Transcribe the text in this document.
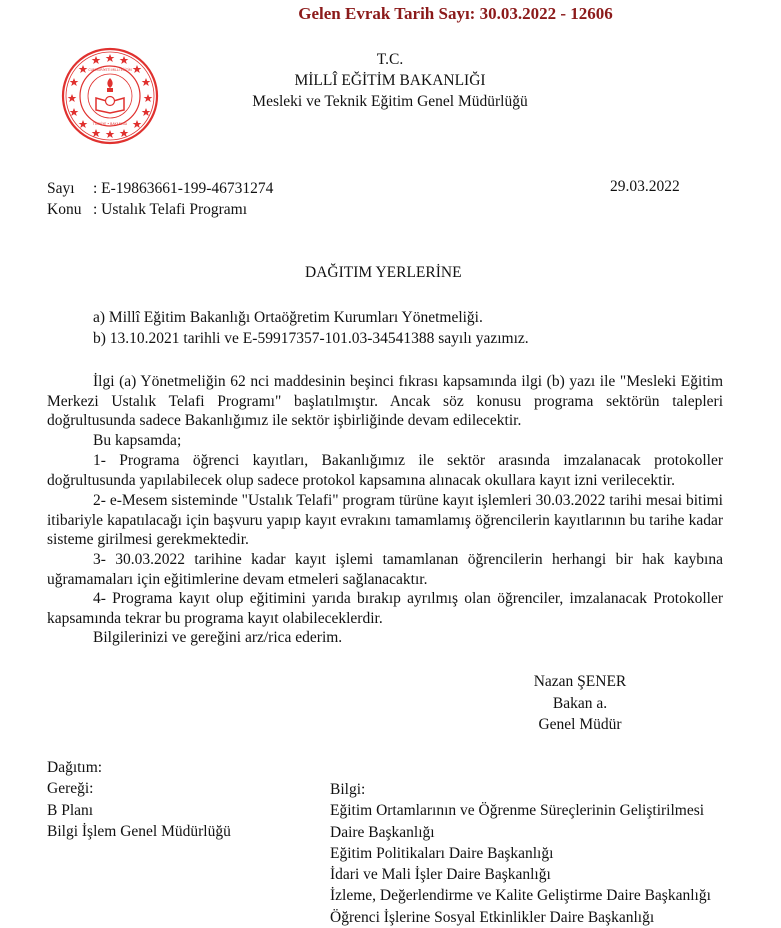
Gelen Evrak Tarih Sayı: 30.03.2022 - 12606
CUMHURİYETİ MİLLİ EĞİTİM
TÜRKİYE • BAKANLIĞI
T.C.
MİLLÎ EĞİTİM BAKANLIĞI
Mesleki ve Teknik Eğitim Genel Müdürlüğü
Sayı : E-19863661-199-46731274
Konu : Ustalık Telafi Programı
29.03.2022
DAĞITIM YERLERİNE
a) Millî Eğitim Bakanlığı Ortaöğretim Kurumları Yönetmeliği.
b) 13.10.2021 tarihli ve E-59917357-101.03-34541388 sayılı yazımız.
İlgi (a) Yönetmeliğin 62 nci maddesinin beşinci fıkrası kapsamında ilgi (b) yazı ile "Mesleki Eğitim Merkezi Ustalık Telafi Programı" başlatılmıştır. Ancak söz konusu programa sektörün talepleri doğrultusunda sadece Bakanlığımız ile sektör işbirliğinde devam edilecektir.
Bu kapsamda;
1- Programa öğrenci kayıtları, Bakanlığımız ile sektör arasında imzalanacak protokoller doğrultusunda yapılabilecek olup sadece protokol kapsamına alınacak okullara kayıt izni verilecektir.
2- e-Mesem sisteminde "Ustalık Telafi" program türüne kayıt işlemleri 30.03.2022 tarihi mesai bitimi itibariyle kapatılacağı için başvuru yapıp kayıt evrakını tamamlamış öğrencilerin kayıtlarının bu tarihe kadar sisteme girilmesi gerekmektedir.
3- 30.03.2022 tarihine kadar kayıt işlemi tamamlanan öğrencilerin herhangi bir hak kaybına uğramamaları için eğitimlerine devam etmeleri sağlanacaktır.
4- Programa kayıt olup eğitimini yarıda bırakıp ayrılmış olan öğrenciler, imzalanacak Protokoller kapsamında tekrar bu programa kayıt olabileceklerdir.
Bilgilerinizi ve gereğini arz/rica ederim.
Nazan ŞENER
Bakan a.
Genel Müdür
Dağıtım:
Gereği:
B Planı
Bilgi İşlem Genel Müdürlüğü
Bilgi:
Eğitim Ortamlarının ve Öğrenme Süreçlerinin Geliştirilmesi
Daire Başkanlığı
Eğitim Politikaları Daire Başkanlığı
İdari ve Mali İşler Daire Başkanlığı
İzleme, Değerlendirme ve Kalite Geliştirme Daire Başkanlığı
Öğrenci İşlerine Sosyal Etkinlikler Daire Başkanlığı
